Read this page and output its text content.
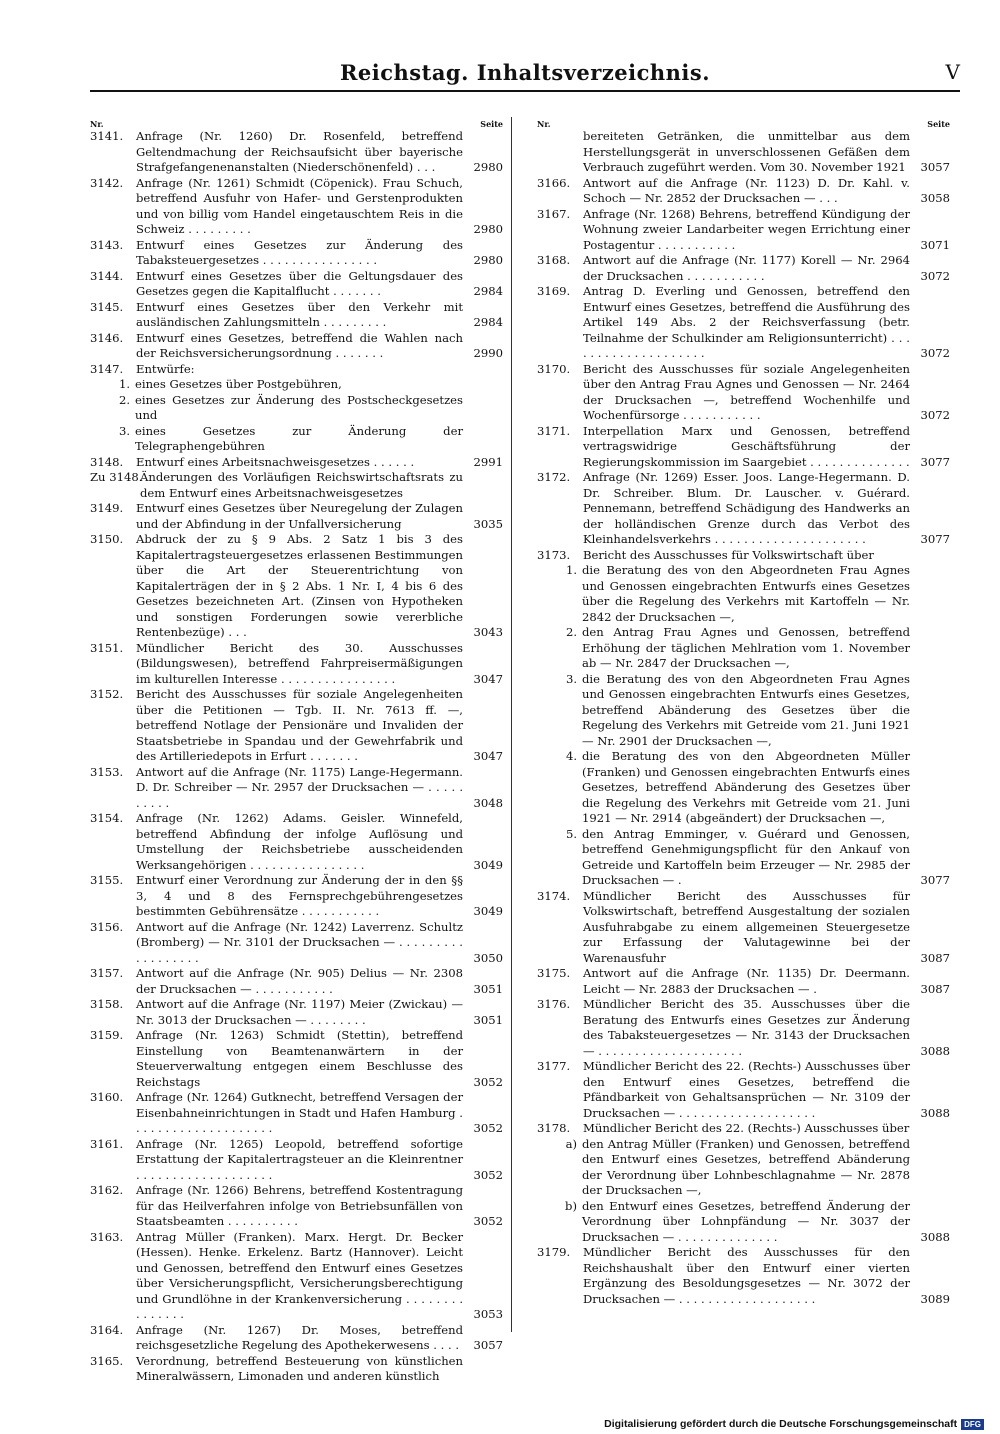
Reichstag. Inhaltsverzeichnis.	V
Nr.	Seite
3141.	Anfrage (Nr. 1260) Dr. Rosenfeld, betreffend Geltendmachung der Reichsaufsicht über bayerische Strafgefangenenanstalten (Niederschönenfeld) . . .	2980
3142.	Anfrage (Nr. 1261) Schmidt (Cöpenick). Frau Schuch, betreffend Ausfuhr von Hafer- und Gerstenprodukten und von billig vom Handel eingetauschtem Reis in die Schweiz . . . . . . . . .	2980
3143.	Entwurf eines Gesetzes zur Änderung des Tabaksteuergesetzes . . . . . . . . . . . . . . . .	2980
3144.	Entwurf eines Gesetzes über die Geltungsdauer des Gesetzes gegen die Kapitalflucht . . . . . . .	2984
3145.	Entwurf eines Gesetzes über den Verkehr mit ausländischen Zahlungsmitteln . . . . . . . . .	2984
3146.	Entwurf eines Gesetzes, betreffend die Wahlen nach der Reichsversicherungsordnung . . . . . . .	2990
3147.	Entwürfe:
1. eines Gesetzes über Postgebühren,
2. eines Gesetzes zur Änderung des Postscheckgesetzes und
3. eines Gesetzes zur Änderung der Telegraphengebühren
3148.	Entwurf eines Arbeitsnachweisgesetzes . . . . . .	2991
Zu 3148.
Änderungen des Vorläufigen Reichswirtschaftsrats zu dem Entwurf eines Arbeitsnachweisgesetzes
3149.	Entwurf eines Gesetzes über Neuregelung der Zulagen und der Abfindung in der Unfallversicherung	3035
3150.	Abdruck der zu § 9 Abs. 2 Satz 1 bis 3 des Kapitalertragsteuergesetzes erlassenen Bestimmungen über die Art der Steuerentrichtung von Kapitalerträgen der in § 2 Abs. 1 Nr. I, 4 bis 6 des Gesetzes bezeichneten Art. (Zinsen von Hypotheken und sonstigen Forderungen sowie vererbliche Rentenbezüge) . . .	3043
3151.	Mündlicher Bericht des 30. Ausschusses (Bildungswesen), betreffend Fahrpreisermäßigungen im kulturellen Interesse . . . . . . . . . . . . . . . .	3047
3152.	Bericht des Ausschusses für soziale Angelegenheiten über die Petitionen — Tgb. II. Nr. 7613 ff. —, betreffend Notlage der Pensionäre und Invaliden der Staatsbetriebe in Spandau und der Gewehrfabrik und des Artilleriedepots in Erfurt . . . . . . .	3047
3153.	Antwort auf die Anfrage (Nr. 1175) Lange-Hegermann. D. Dr. Schreiber — Nr. 2957 der Drucksachen — . . . . . . . . . .	3048
3154.	Anfrage (Nr. 1262) Adams. Geisler. Winnefeld, betreffend Abfindung der infolge Auflösung und Umstellung der Reichsbetriebe ausscheidenden Werksangehörigen . . . . . . . . . . . . . . . .	3049
3155.	Entwurf einer Verordnung zur Änderung der in den §§ 3, 4 und 8 des Fernsprechgebührengesetzes bestimmten Gebührensätze . . . . . . . . . . .	3049
3156.	Antwort auf die Anfrage (Nr. 1242) Laverrenz. Schultz (Bromberg) — Nr. 3101 der Drucksachen — . . . . . . . . . . . . . . . . . .	3050
3157.	Antwort auf die Anfrage (Nr. 905) Delius — Nr. 2308 der Drucksachen — . . . . . . . . . . .	3051
3158.	Antwort auf die Anfrage (Nr. 1197) Meier (Zwickau) — Nr. 3013 der Drucksachen — . . . . . . . .	3051
3159.	Anfrage (Nr. 1263) Schmidt (Stettin), betreffend Einstellung von Beamtenanwärtern in der Steuerverwaltung entgegen einem Beschlusse des Reichstags	3052
3160.	Anfrage (Nr. 1264) Gutknecht, betreffend Versagen der Eisenbahneinrichtungen in Stadt und Hafen Hamburg . . . . . . . . . . . . . . . . . . . .	3052
3161.	Anfrage (Nr. 1265) Leopold, betreffend sofortige Erstattung der Kapitalertragsteuer an die Kleinrentner . . . . . . . . . . . . . . . . . . .	3052
3162.	Anfrage (Nr. 1266) Behrens, betreffend Kostentragung für das Heilverfahren infolge von Betriebsunfällen von Staatsbeamten . . . . . . . . . .	3052
3163.	Antrag Müller (Franken). Marx. Hergt. Dr. Becker (Hessen). Henke. Erkelenz. Bartz (Hannover). Leicht und Genossen, betreffend den Entwurf eines Gesetzes über Versicherungspflicht, Versicherungsberechtigung und Grundlöhne in der Krankenversicherung . . . . . . . . . . . . . . .	3053
3164.	Anfrage (Nr. 1267) Dr. Moses, betreffend reichsgesetzliche Regelung des Apothekerwesens . . . .	3057
3165.	Verordnung, betreffend Besteuerung von künstlichen Mineralwässern, Limonaden und anderen künstlich
Nr.	Seite
bereiteten Getränken, die unmittelbar aus dem Herstellungsgerät in unverschlossenen Gefäßen dem Verbrauch zugeführt werden. Vom 30. November 1921	3057
3166.	Antwort auf die Anfrage (Nr. 1123) D. Dr. Kahl. v. Schoch — Nr. 2852 der Drucksachen — . . .	3058
3167.	Anfrage (Nr. 1268) Behrens, betreffend Kündigung der Wohnung zweier Landarbeiter wegen Errichtung einer Postagentur . . . . . . . . . . .	3071
3168.	Antwort auf die Anfrage (Nr. 1177) Korell — Nr. 2964 der Drucksachen . . . . . . . . . . .	3072
3169.	Antrag D. Everling und Genossen, betreffend den Entwurf eines Gesetzes, betreffend die Ausführung des Artikel 149 Abs. 2 der Reichsverfassung (betr. Teilnahme der Schulkinder am Religionsunterricht) . . . . . . . . . . . . . . . . . . . .	3072
3170.	Bericht des Ausschusses für soziale Angelegenheiten über den Antrag Frau Agnes und Genossen — Nr. 2464 der Drucksachen —, betreffend Wochenhilfe und Wochenfürsorge . . . . . . . . . . .	3072
3171.	Interpellation Marx und Genossen, betreffend vertragswidrige Geschäftsführung der Regierungskommission im Saargebiet . . . . . . . . . . . . . . 3077
3172.	Anfrage (Nr. 1269) Esser. Joos. Lange-Hegermann. D. Dr. Schreiber. Blum. Dr. Lauscher. v. Guérard. Pennemann, betreffend Schädigung des Handwerks an der holländischen Grenze durch das Verbot des Kleinhandelsverkehrs . . . . . . . . . . . . . . . . . . . . .	3077
3173.	Bericht des Ausschusses für Volkswirtschaft über
1. die Beratung des von den Abgeordneten Frau Agnes und Genossen eingebrachten Entwurfs eines Gesetzes über die Regelung des Verkehrs mit Kartoffeln — Nr. 2842 der Drucksachen —,
2. den Antrag Frau Agnes und Genossen, betreffend Erhöhung der täglichen Mehlration vom 1. November ab — Nr. 2847 der Drucksachen —,
3. die Beratung des von den Abgeordneten Frau Agnes und Genossen eingebrachten Entwurfs eines Gesetzes, betreffend Abänderung des Gesetzes über die Regelung des Verkehrs mit Getreide vom 21. Juni 1921 — Nr. 2901 der Drucksachen —,
4. die Beratung des von den Abgeordneten Müller (Franken) und Genossen eingebrachten Entwurfs eines Gesetzes, betreffend Abänderung des Gesetzes über die Regelung des Verkehrs mit Getreide vom 21. Juni 1921 — Nr. 2914 (abgeändert) der Drucksachen —,
5. den Antrag Emminger, v. Guérard und Genossen, betreffend Genehmigungspflicht für den Ankauf von Getreide und Kartoffeln beim Erzeuger — Nr. 2985 der Drucksachen — .	3077
3174.	Mündlicher Bericht des Ausschusses für Volkswirtschaft, betreffend Ausgestaltung der sozialen Ausfuhrabgabe zu einem allgemeinen Steuergesetze zur Erfassung der Valutagewinne bei der Warenausfuhr	3087
3175.	Antwort auf die Anfrage (Nr. 1135) Dr. Deermann. Leicht — Nr. 2883 der Drucksachen — .	3087
3176.	Mündlicher Bericht des 35. Ausschusses über die Beratung des Entwurfs eines Gesetzes zur Änderung des Tabaksteuergesetzes — Nr. 3143 der Drucksachen — . . . . . . . . . . . . . . . . . . . .	3088
3177.	Mündlicher Bericht des 22. (Rechts-) Ausschusses über den Entwurf eines Gesetzes, betreffend die Pfändbarkeit von Gehaltsansprüchen — Nr. 3109 der Drucksachen — . . . . . . . . . . . . . . . . . . .	3088
3178.	Mündlicher Bericht des 22. (Rechts-) Ausschusses über
a) den Antrag Müller (Franken) und Genossen, betreffend den Entwurf eines Gesetzes, betreffend Abänderung der Verordnung über Lohnbeschlagnahme — Nr. 2878 der Drucksachen —,
b) den Entwurf eines Gesetzes, betreffend Änderung der Verordnung über Lohnpfändung — Nr. 3037 der Drucksachen — . . . . . . . . . . . . . .	3088
3179.	Mündlicher Bericht des Ausschusses für den Reichshaushalt über den Entwurf einer vierten Ergänzung des Besoldungsgesetzes — Nr. 3072 der Drucksachen — . . . . . . . . . . . . . . . . . . .	3089
Digitalisierung gefördert durch die Deutsche Forschungsgemeinschaft DFG
